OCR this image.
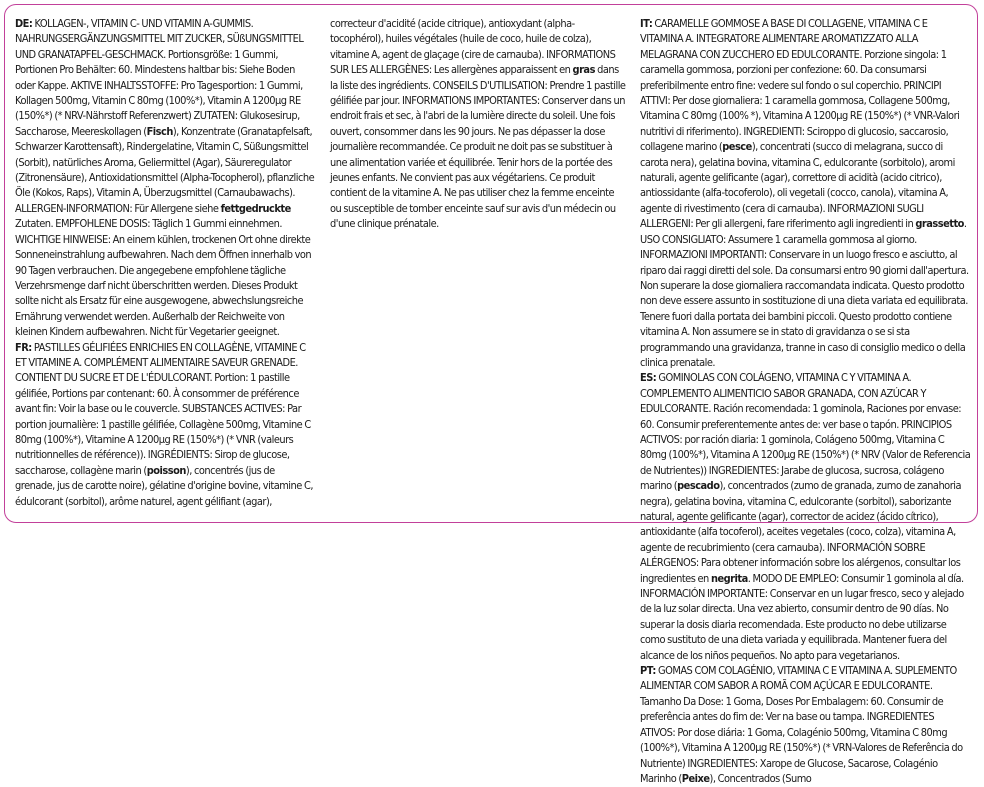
DE: KOLLAGEN-, VITAMIN C- UND VITAMIN A-GUMMIS. NAHRUNGSERGÄNZUNGSMITTEL MIT ZUCKER, SÜßUNGSMITTEL UND GRANATAPFEL-GESCHMACK. Portionsgröße: 1 Gummi, Portionen Pro Behälter: 60. Mindestens haltbar bis: Siehe Boden oder Kappe. AKTIVE INHALTSSTOFFE: Pro Tagesportion: 1 Gummi, Kollagen 500mg, Vitamin C 80mg (100%*), Vitamin A 1200µg RE (150%*) (* NRV-Nährstoff Referenzwert) ZUTATEN: Glukosesirup, Saccharose, Meereskollagen (Fisch), Konzentrate (Granatapfelsaft, Schwarzer Karottensaft), Rindergelatine, Vitamin C, Süßungsmittel (Sorbit), natürliches Aroma, Geliermittel (Agar), Säureregulator (Zitronensäure), Antioxidationsmittel (Alpha-Tocopherol), pflanzliche Öle (Kokos, Raps), Vitamin A, Überzugsmittel (Carnaubawachs). ALLERGEN-INFORMATION: Für Allergene siehe fettgedruckte Zutaten. EMPFOHLENE DOSIS: Täglich 1 Gummi einnehmen. WICHTIGE HINWEISE: An einem kühlen, trockenen Ort ohne direkte Sonneneinstrahlung aufbewahren. Nach dem Öffnen innerhalb von 90 Tagen verbrauchen. Die angegebene empfohlene tägliche Verzehrsmenge darf nicht überschritten werden. Dieses Produkt sollte nicht als Ersatz für eine ausgewogene, abwechslungsreiche Ernährung verwendet werden. Außerhalb der Reichweite von kleinen Kindern aufbewahren. Nicht für Vegetarier geeignet.

FR: PASTILLES GÉLIFIÉES ENRICHIES EN COLLAGÈNE, VITAMINE C ET VITAMINE A. COMPLÉMENT ALIMENTAIRE SAVEUR GRENADE. CONTIENT DU SUCRE ET DE L'ÉDULCORANT. Portion: 1 pastille gélifiée, Portions par contenant: 60. À consommer de préférence avant fin: Voir la base ou le couvercle. SUBSTANCES ACTIVES: Par portion journalière: 1 pastille gélifiée, Collagène 500mg, Vitamine C 80mg (100%*), Vitamine A 1200µg RE (150%*) (* VNR (valeurs nutritionnelles de référence)). INGRÉDIENTS: Sirop de glucose, saccharose, collagène marin (poisson), concentrés (jus de grenade, jus de carotte noire), gélatine d'origine bovine, vitamine C, édulcorant (sorbitol), arôme naturel, agent gélifiant (agar),

correcteur d'acidité (acide citrique), antioxydant (alpha-tocophérol), huiles végétales (huile de coco, huile de colza), vitamine A, agent de glaçage (cire de carnauba). INFORMATIONS SUR LES ALLERGÈNES: Les allergènes apparaissent en gras dans la liste des ingrédients. CONSEILS D'UTILISATION: Prendre 1 pastille gélifiée par jour. INFORMATIONS IMPORTANTES: Conserver dans un endroit frais et sec, à l'abri de la lumière directe du soleil. Une fois ouvert, consommer dans les 90 jours. Ne pas dépasser la dose journalière recommandée. Ce produit ne doit pas se substituer à une alimentation variée et équilibrée. Tenir hors de la portée des jeunes enfants. Ne convient pas aux végétariens. Ce produit contient de la vitamine A. Ne pas utiliser chez la femme enceinte ou susceptible de tomber enceinte sauf sur avis d'un médecin ou d'une clinique prénatale.

IT: CARAMELLE GOMMOSE A BASE DI COLLAGENE, VITAMINA C E VITAMINA A. INTEGRATORE ALIMENTARE AROMATIZZATO ALLA MELAGRANA CON ZUCCHERO ED EDULCORANTE. Porzione singola: 1 caramella gommosa, porzioni per confezione: 60. Da consumarsi preferibilmente entro fine: vedere sul fondo o sul coperchio. PRINCIPI ATTIVI: Per dose giornaliera: 1 caramella gommosa, Collagene 500mg, Vitamina C 80mg (100% *), Vitamina A 1200µg RE (150%*) (* VNR-Valori nutritivi di riferimento). INGREDIENTI: Sciroppo di glucosio, saccarosio, collagene marino (pesce), concentrati (succo di melagrana, succo di carota nera), gelatina bovina, vitamina C, edulcorante (sorbitolo), aromi naturali, agente gelificante (agar), correttore di acidità (acido citrico), antiossidante (alfa-tocoferolo), oli vegetali (cocco, canola), vitamina A, agente di rivestimento (cera di carnauba). INFORMAZIONI SUGLI ALLERGENI: Per gli allergeni, fare riferimento agli ingredienti in grassetto. USO CONSIGLIATO: Assumere 1 caramella gommosa al giorno. INFORMAZIONI IMPORTANTI: Conservare in un luogo fresco e asciutto, al riparo dai raggi diretti del sole. Da consumarsi entro 90 giorni dall'apertura. Non superare la dose giornaliera raccomandata indicata. Questo prodotto non deve essere assunto in sostituzione di una dieta variata ed equilibrata. Tenere fuori dalla portata dei bambini piccoli. Questo prodotto contiene vitamina A. Non assumere se in stato di gravidanza o se si sta programmando una gravidanza, tranne in caso di consiglio medico o della clinica prenatale.

ES: GOMINOLAS CON COLÁGENO, VITAMINA C Y VITAMINA A. COMPLEMENTO ALIMENTICIO SABOR GRANADA, CON AZÚCAR Y EDULCORANTE. Ración recomendada: 1 gominola, Raciones por envase: 60. Consumir preferentemente antes de: ver base o tapón. PRINCIPIOS ACTIVOS: por ración diaria: 1 gominola, Colágeno 500mg, Vitamina C 80mg (100%*), Vitamina A 1200µg RE (150%*) (* NRV (Valor de Referencia de Nutrientes)) INGREDIENTES: Jarabe de glucosa, sucrosa, colágeno marino (pescado), concentrados (zumo de granada, zumo de zanahoria negra), gelatina bovina, vitamina C, edulcorante (sorbitol), saborizante natural, agente gelificante (agar), corrector de acidez (ácido cítrico), antioxidante (alfa tocoferol), aceites vegetales (coco, colza), vitamina A, agente de recubrimiento (cera carnauba). INFORMACIÓN SOBRE ALÉRGENOS: Para obtener información sobre los alérgenos, consultar los ingredientes en negrita. MODO DE EMPLEO: Consumir 1 gominola al día. INFORMACIÓN IMPORTANTE: Conservar en un lugar fresco, seco y alejado de la luz solar directa. Una vez abierto, consumir dentro de 90 días. No superar la dosis diaria recomendada. Este producto no debe utilizarse como sustituto de una dieta variada y equilibrada. Mantener fuera del alcance de los niños pequeños. No apto para vegetarianos.

PT: GOMAS COM COLAGÉNIO, VITAMINA C E VITAMINA A. SUPLEMENTO ALIMENTAR COM SABOR A ROMÃ COM AÇÚCAR E EDULCORANTE. Tamanho Da Dose: 1 Goma, Doses Por Embalagem: 60. Consumir de preferência antes do fim de: Ver na base ou tampa. INGREDIENTES ATIVOS: Por dose diária: 1 Goma, Colagénio 500mg, Vitamina C 80mg (100%*), Vitamina A 1200µg RE (150%*) (* VRN-Valores de Referência do Nutriente) INGREDIENTES: Xarope de Glucose, Sacarose, Colagénio Marinho (Peixe), Concentrados (Sumo
